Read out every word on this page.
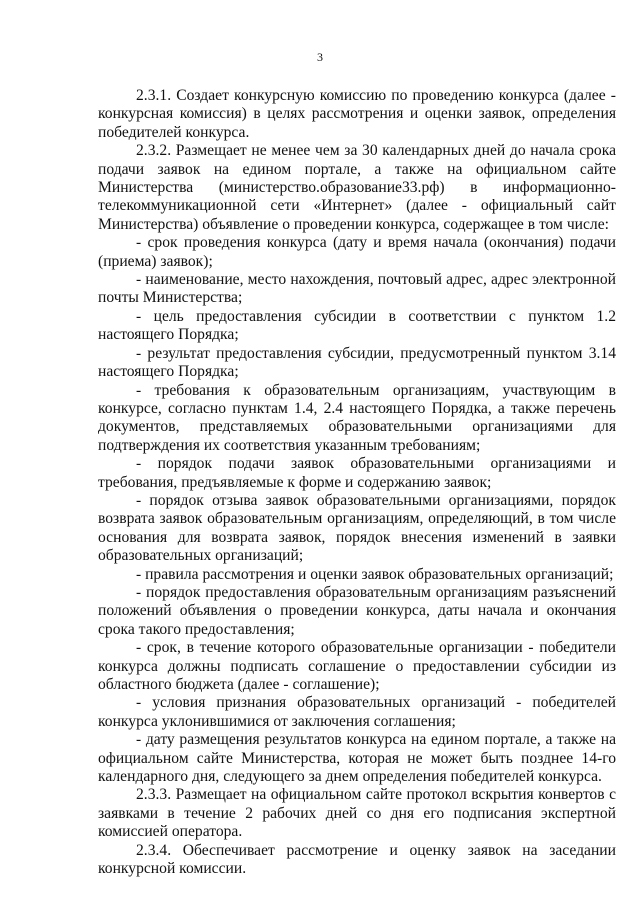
3

2.3.1. Создает конкурсную комиссию по проведению конкурса (далее - конкурсная комиссия) в целях рассмотрения и оценки заявок, определения победителей конкурса.

2.3.2. Размещает не менее чем за 30 календарных дней до начала срока подачи заявок на едином портале, а также на официальном сайте Министерства (министерство.образование33.рф) в информационно-телекоммуникационной сети «Интернет» (далее - официальный сайт Министерства) объявление о проведении конкурса, содержащее в том числе:

- срок проведения конкурса (дату и время начала (окончания) подачи (приема) заявок);

- наименование, место нахождения, почтовый адрес, адрес электронной почты Министерства;

- цель предоставления субсидии в соответствии с пунктом 1.2 настоящего Порядка;

- результат предоставления субсидии, предусмотренный пунктом 3.14 настоящего Порядка;

- требования к образовательным организациям, участвующим в конкурсе, согласно пунктам 1.4, 2.4 настоящего Порядка, а также перечень документов, представляемых образовательными организациями для подтверждения их соответствия указанным требованиям;

- порядок подачи заявок образовательными организациями и требования, предъявляемые к форме и содержанию заявок;

- порядок отзыва заявок образовательными организациями, порядок возврата заявок образовательным организациям, определяющий, в том числе основания для возврата заявок, порядок внесения изменений в заявки образовательных организаций;

- правила рассмотрения и оценки заявок образовательных организаций;

- порядок предоставления образовательным организациям разъяснений положений объявления о проведении конкурса, даты начала и окончания срока такого предоставления;

- срок, в течение которого образовательные организации - победители конкурса должны подписать соглашение о предоставлении субсидии из областного бюджета (далее - соглашение);

- условия признания образовательных организаций - победителей конкурса уклонившимися от заключения соглашения;

- дату размещения результатов конкурса на едином портале, а также на официальном сайте Министерства, которая не может быть позднее 14-го календарного дня, следующего за днем определения победителей конкурса.

2.3.3. Размещает на официальном сайте протокол вскрытия конвертов с заявками в течение 2 рабочих дней со дня его подписания экспертной комиссией оператора.

2.3.4. Обеспечивает рассмотрение и оценку заявок на заседании конкурсной комиссии.
